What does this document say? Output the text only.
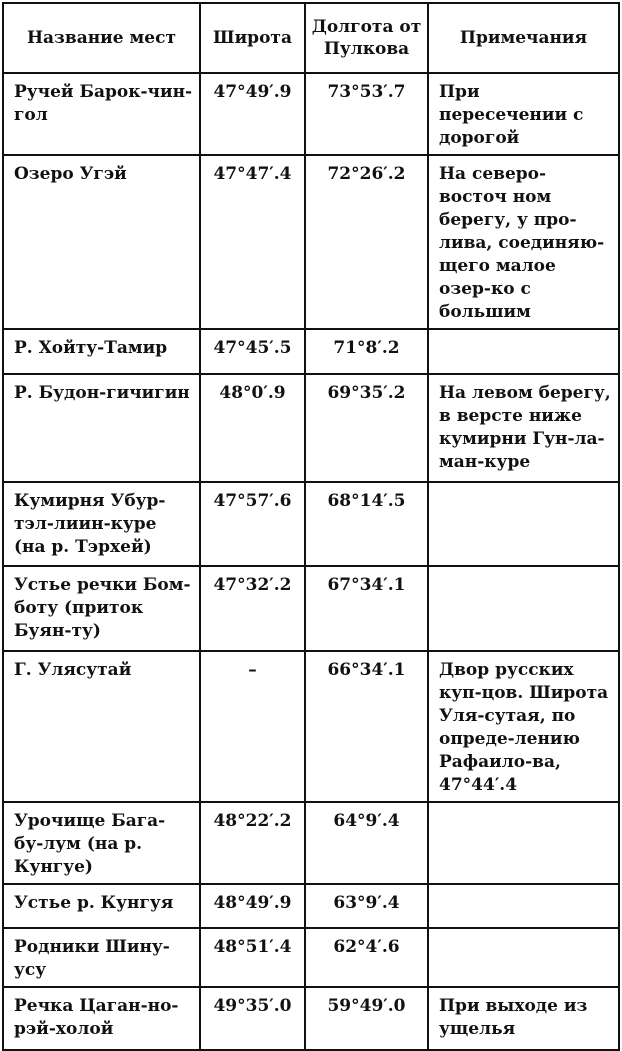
Название мест	Широта	Долгота от Пулкова	Примечания
Ручей Барок-чин-гол	47°49′.9	73°53′.7	При пересечении с дорогой
Озеро Угэй	47°47′.4	72°26′.2	На северо-восточ ном берегу, у про-лива, соединяю-щего малое озер-ко с большим
Р. Хойту-Тамир	47°45′.5	71°8′.2	
Р. Будон-гичигин	48°0′.9	69°35′.2	На левом берегу, в версте ниже кумирни Гун-ла-ман-куре
Кумирня Убур-тэл-лиин-куре (на р. Тэрхей)	47°57′.6	68°14′.5	
Устье речки Бом-боту (приток Буян-ту)	47°32′.2	67°34′.1	
Г. Улясутай	–	66°34′.1	Двор русских куп-цов. Широта Уля-сутая, по опреде-лению Рафаило-ва, 47°44′.4
Урочище Бага-бу-лум (на р. Кунгуе)	48°22′.2	64°9′.4	
Устье р. Кунгуя	48°49′.9	63°9′.4	
Родники Шину-усу	48°51′.4	62°4′.6	
Речка Цаган-но-рэй-холой	49°35′.0	59°49′.0	При выходе из ущелья
